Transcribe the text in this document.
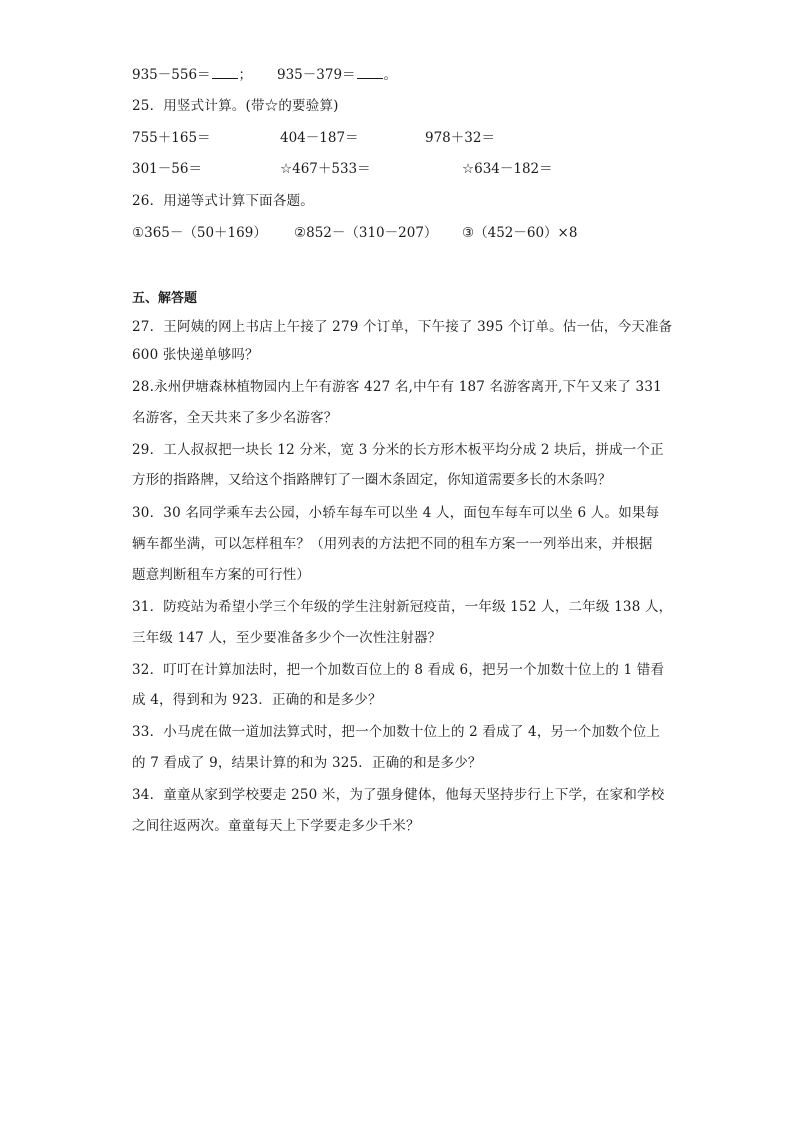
935－556＝ ； 935－379＝ 。
25．用竖式计算。(带☆的要验算)
755＋165＝	404－187＝	978＋32＝
301－56＝	☆467＋533＝	☆634－182＝
26．用递等式计算下面各题。
①365－（50＋169） ②852－（310－207） ③（452－60）×8
五、解答题
27．王阿姨的网上书店上午接了 279 个订单，下午接了 395 个订单。估一估，今天准备
600 张快递单够吗？
28.永州伊塘森林植物园内上午有游客 427 名,中午有 187 名游客离开,下午又来了 331
名游客，全天共来了多少名游客？
29．工人叔叔把一块长 12 分米，宽 3 分米的长方形木板平均分成 2 块后，拼成一个正
方形的指路牌，又给这个指路牌钉了一圈木条固定，你知道需要多长的木条吗？
30．30 名同学乘车去公园，小轿车每车可以坐 4 人，面包车每车可以坐 6 人。如果每
辆车都坐满，可以怎样租车？（用列表的方法把不同的租车方案一一列举出来，并根据
题意判断租车方案的可行性）
31．防疫站为希望小学三个年级的学生注射新冠疫苗，一年级 152 人，二年级 138 人，
三年级 147 人，至少要准备多少个一次性注射器？
32．叮叮在计算加法时，把一个加数百位上的 8 看成 6，把另一个加数十位上的 1 错看
成 4，得到和为 923．正确的和是多少？
33．小马虎在做一道加法算式时，把一个加数十位上的 2 看成了 4，另一个加数个位上
的 7 看成了 9，结果计算的和为 325．正确的和是多少？
34．童童从家到学校要走 250 米，为了强身健体，他每天坚持步行上下学，在家和学校
之间往返两次。童童每天上下学要走多少千米？
